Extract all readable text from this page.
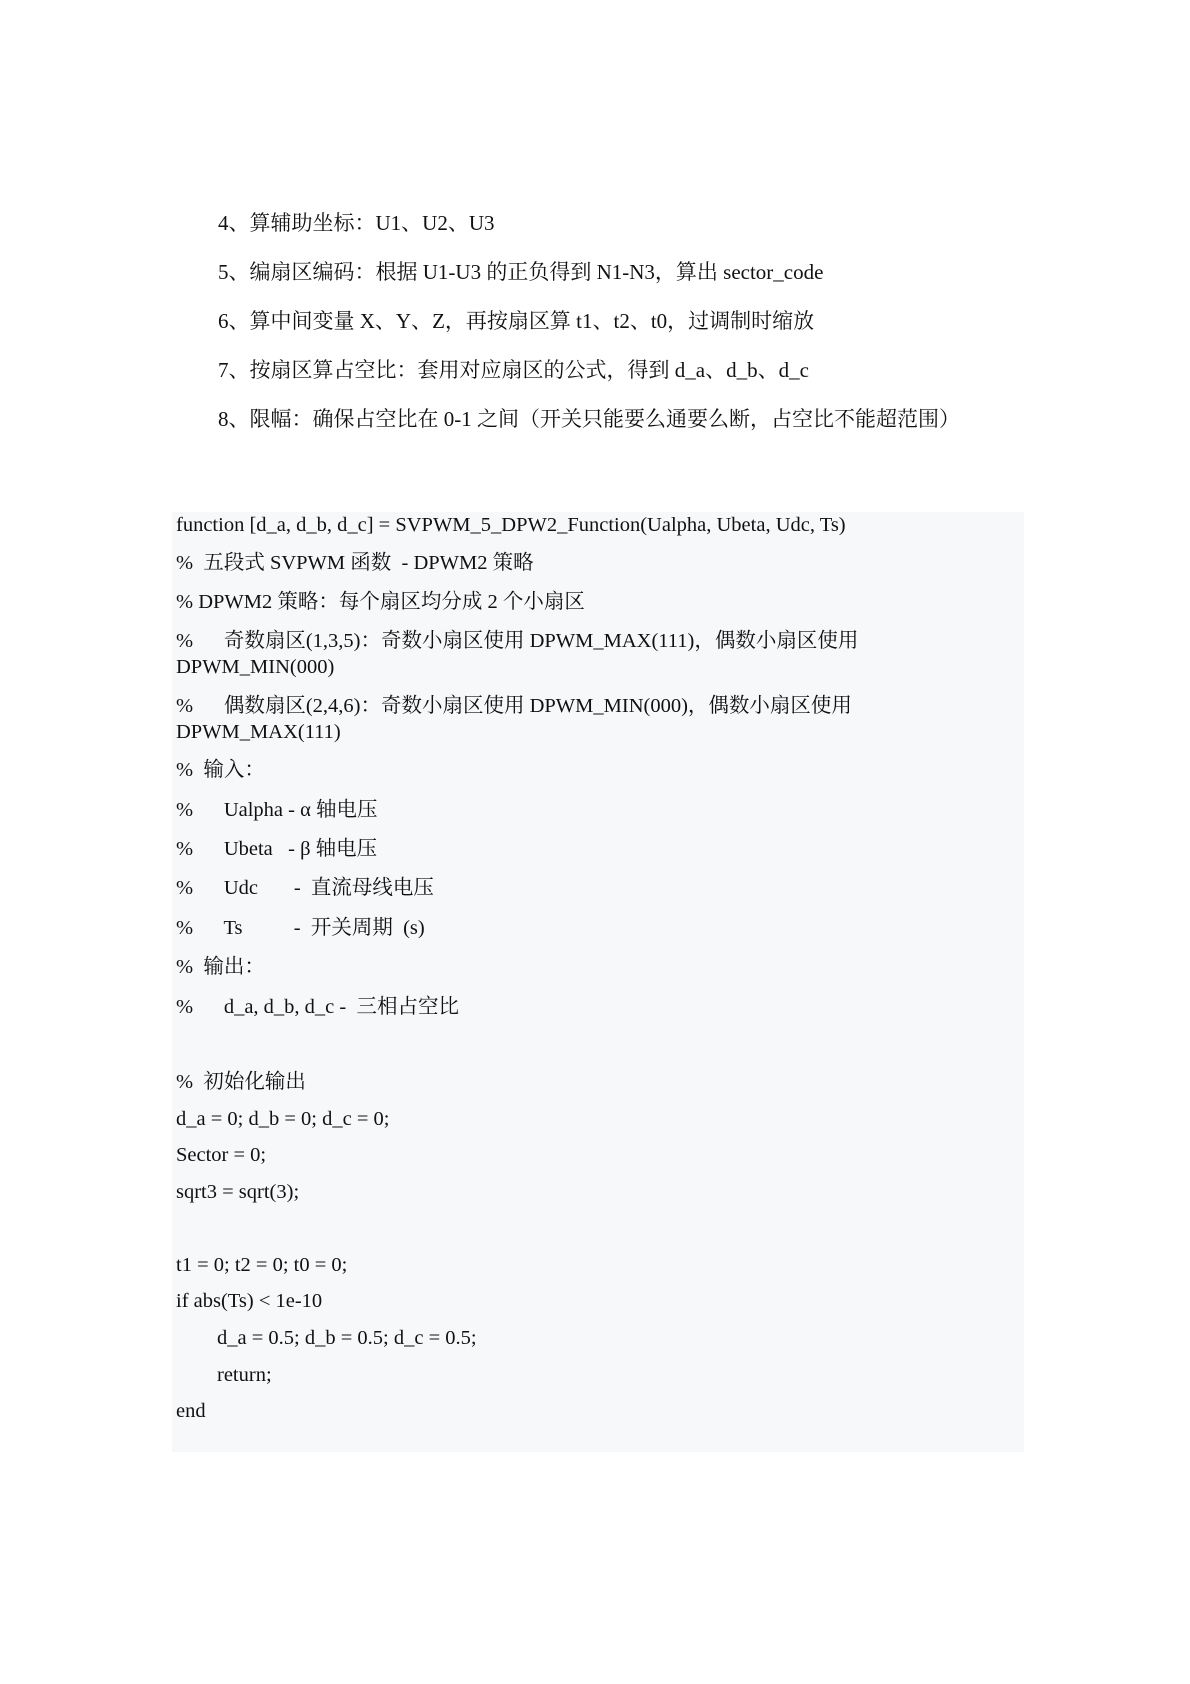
4、算辅助坐标：U1、U2、U3
5、编扇区编码：根据 U1-U3 的正负得到 N1-N3，算出 sector_code
6、算中间变量 X、Y、Z，再按扇区算 t1、t2、t0，过调制时缩放
7、按扇区算占空比：套用对应扇区的公式，得到 d_a、d_b、d_c
8、限幅：确保占空比在 0-1 之间（开关只能要么通要么断，占空比不能超范围）
function [d_a, d_b, d_c] = SVPWM_5_DPW2_Function(Ualpha, Ubeta, Udc, Ts)
%  五段式 SVPWM 函数  - DPWM2 策略
% DPWM2 策略：每个扇区均分成 2 个小扇区
%      奇数扇区(1,3,5)：奇数小扇区使用 DPWM_MAX(111)，偶数小扇区使用 DPWM_MIN(000)
%      偶数扇区(2,4,6)：奇数小扇区使用 DPWM_MIN(000)，偶数小扇区使用 DPWM_MAX(111)
%  输入：
%      Ualpha - α 轴电压
%      Ubeta   - β 轴电压
%      Udc       -  直流母线电压
%      Ts          -  开关周期  (s)
%  输出：
%      d_a, d_b, d_c -  三相占空比
%  初始化输出
d_a = 0; d_b = 0; d_c = 0;
Sector = 0;
sqrt3 = sqrt(3);
t1 = 0; t2 = 0; t0 = 0;
if abs(Ts) < 1e-10
d_a = 0.5; d_b = 0.5; d_c = 0.5;
return;
end
